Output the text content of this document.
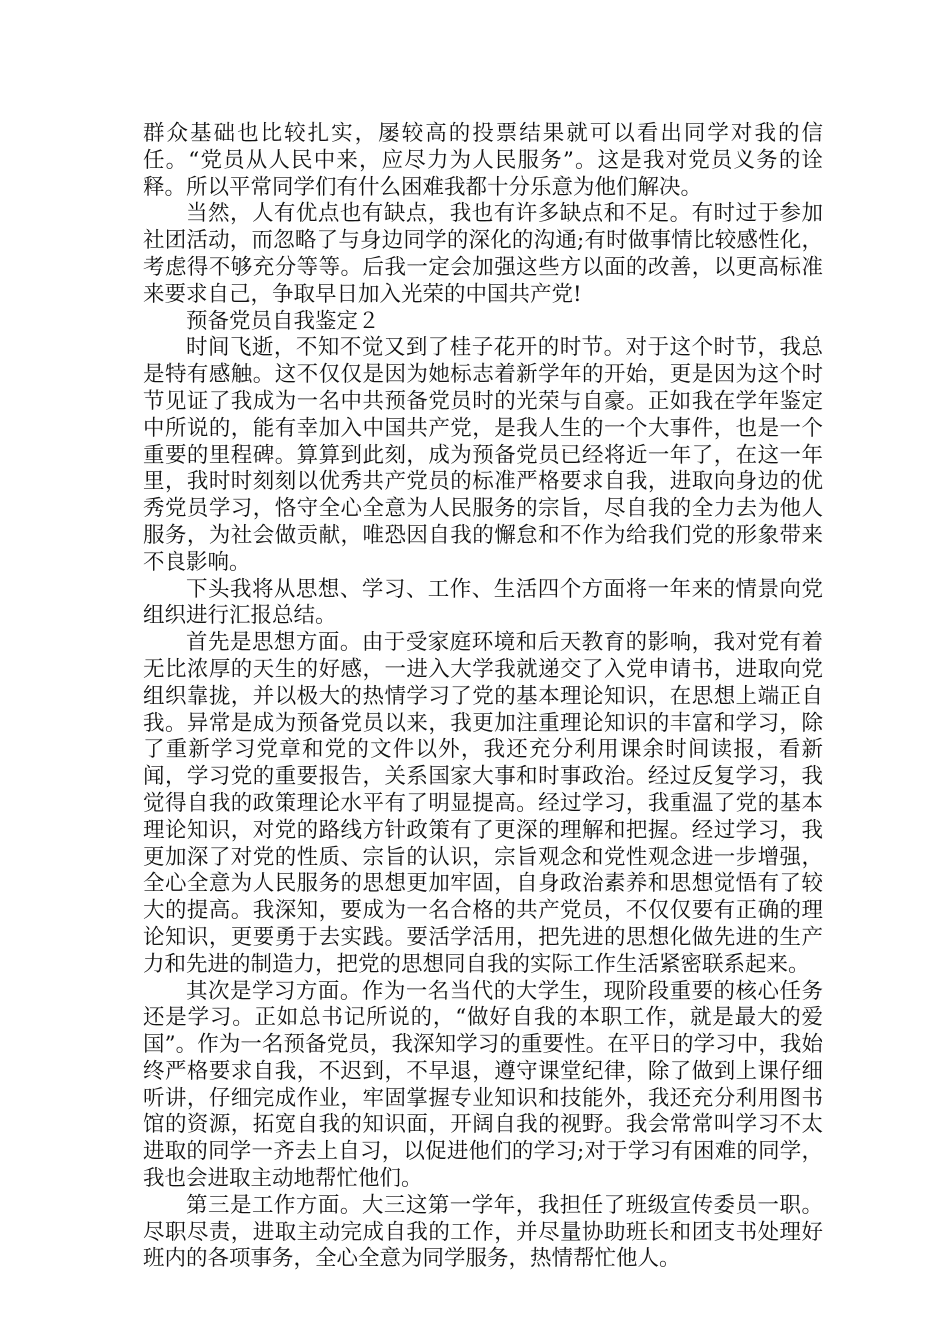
群众基础也比较扎实，屡较高的投票结果就可以看出同学对我的信任。“党员从人民中来，应尽力为人民服务”。这是我对党员义务的诠释。所以平常同学们有什么困难我都十分乐意为他们解决。

当然，人有优点也有缺点，我也有许多缺点和不足。有时过于参加社团活动，而忽略了与身边同学的深化的沟通;有时做事情比较感性化，考虑得不够充分等等。后我一定会加强这些方以面的改善，以更高标准来要求自己，争取早日加入光荣的中国共产党!

预备党员自我鉴定２

时间飞逝，不知不觉又到了桂子花开的时节。对于这个时节，我总是特有感触。这不仅仅是因为她标志着新学年的开始，更是因为这个时节见证了我成为一名中共预备党员时的光荣与自豪。正如我在学年鉴定中所说的，能有幸加入中国共产党，是我人生的一个大事件，也是一个重要的里程碑。算算到此刻，成为预备党员已经将近一年了，在这一年里，我时时刻刻以优秀共产党员的标准严格要求自我，进取向身边的优秀党员学习，恪守全心全意为人民服务的宗旨，尽自我的全力去为他人服务，为社会做贡献，唯恐因自我的懈怠和不作为给我们党的形象带来不良影响。

下头我将从思想、学习、工作、生活四个方面将一年来的情景向党组织进行汇报总结。

首先是思想方面。由于受家庭环境和后天教育的影响，我对党有着无比浓厚的天生的好感，一进入大学我就递交了入党申请书，进取向党组织靠拢，并以极大的热情学习了党的基本理论知识，在思想上端正自我。异常是成为预备党员以来，我更加注重理论知识的丰富和学习，除了重新学习党章和党的文件以外，我还充分利用课余时间读报，看新闻，学习党的重要报告，关系国家大事和时事政治。经过反复学习，我觉得自我的政策理论水平有了明显提高。经过学习，我重温了党的基本理论知识，对党的路线方针政策有了更深的理解和把握。经过学习，我更加深了对党的性质、宗旨的认识，宗旨观念和党性观念进一步增强，全心全意为人民服务的思想更加牢固，自身政治素养和思想觉悟有了较大的提高。我深知，要成为一名合格的共产党员，不仅仅要有正确的理论知识，更要勇于去实践。要活学活用，把先进的思想化做先进的生产力和先进的制造力，把党的思想同自我的实际工作生活紧密联系起来。

其次是学习方面。作为一名当代的大学生，现阶段重要的核心任务还是学习。正如总书记所说的，“做好自我的本职工作，就是最大的爱国”。作为一名预备党员，我深知学习的重要性。在平日的学习中，我始终严格要求自我，不迟到，不早退，遵守课堂纪律，除了做到上课仔细听讲，仔细完成作业，牢固掌握专业知识和技能外，我还充分利用图书馆的资源，拓宽自我的知识面，开阔自我的视野。我会常常叫学习不太进取的同学一齐去上自习，以促进他们的学习;对于学习有困难的同学，我也会进取主动地帮忙他们。

第三是工作方面。大三这第一学年，我担任了班级宣传委员一职。尽职尽责，进取主动完成自我的工作，并尽量协助班长和团支书处理好班内的各项事务，全心全意为同学服务，热情帮忙他人。
